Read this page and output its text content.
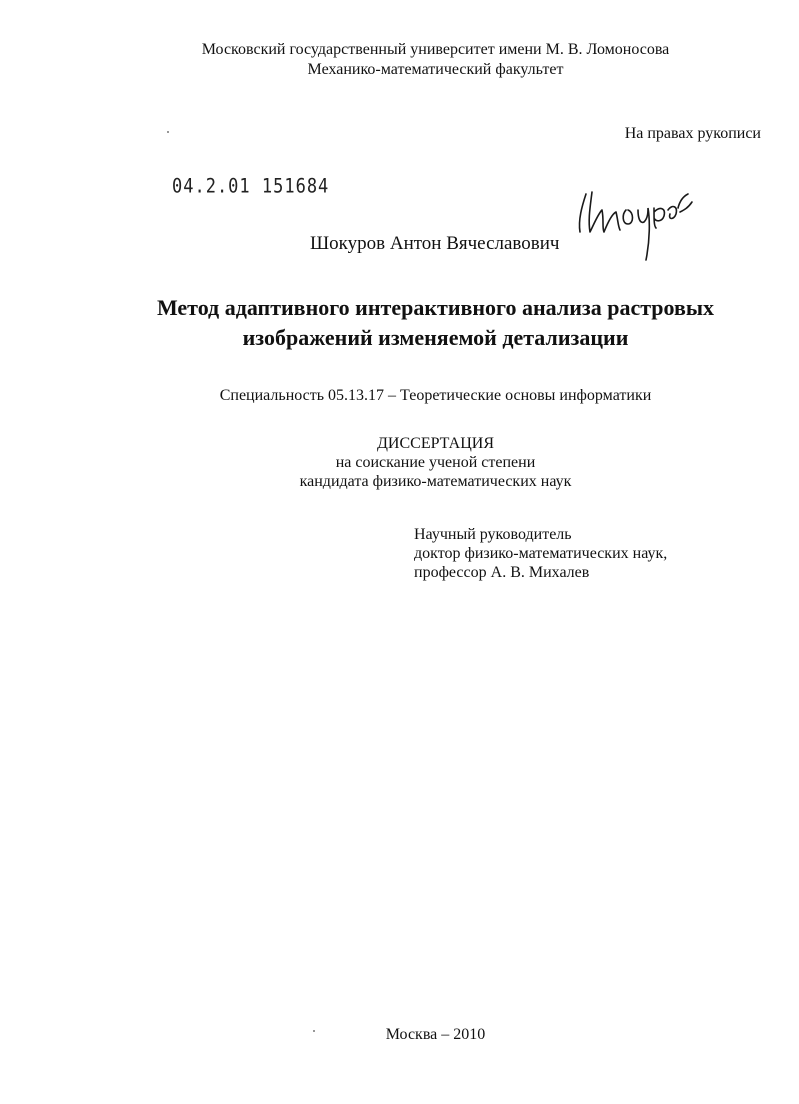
Московский государственный университет имени М. В. Ломоносова
Механико-математический факультет
На правах рукописи
04.2.01 151684
Шокуров Антон Вячеславович
Метод адаптивного интерактивного анализа растровых
изображений изменяемой детализации
Специальность 05.13.17 – Теоретические основы информатики
ДИССЕРТАЦИЯ
на соискание ученой степени
кандидата физико-математических наук
Научный руководитель
доктор физико-математических наук,
профессор А. В. Михалев
Москва – 2010
